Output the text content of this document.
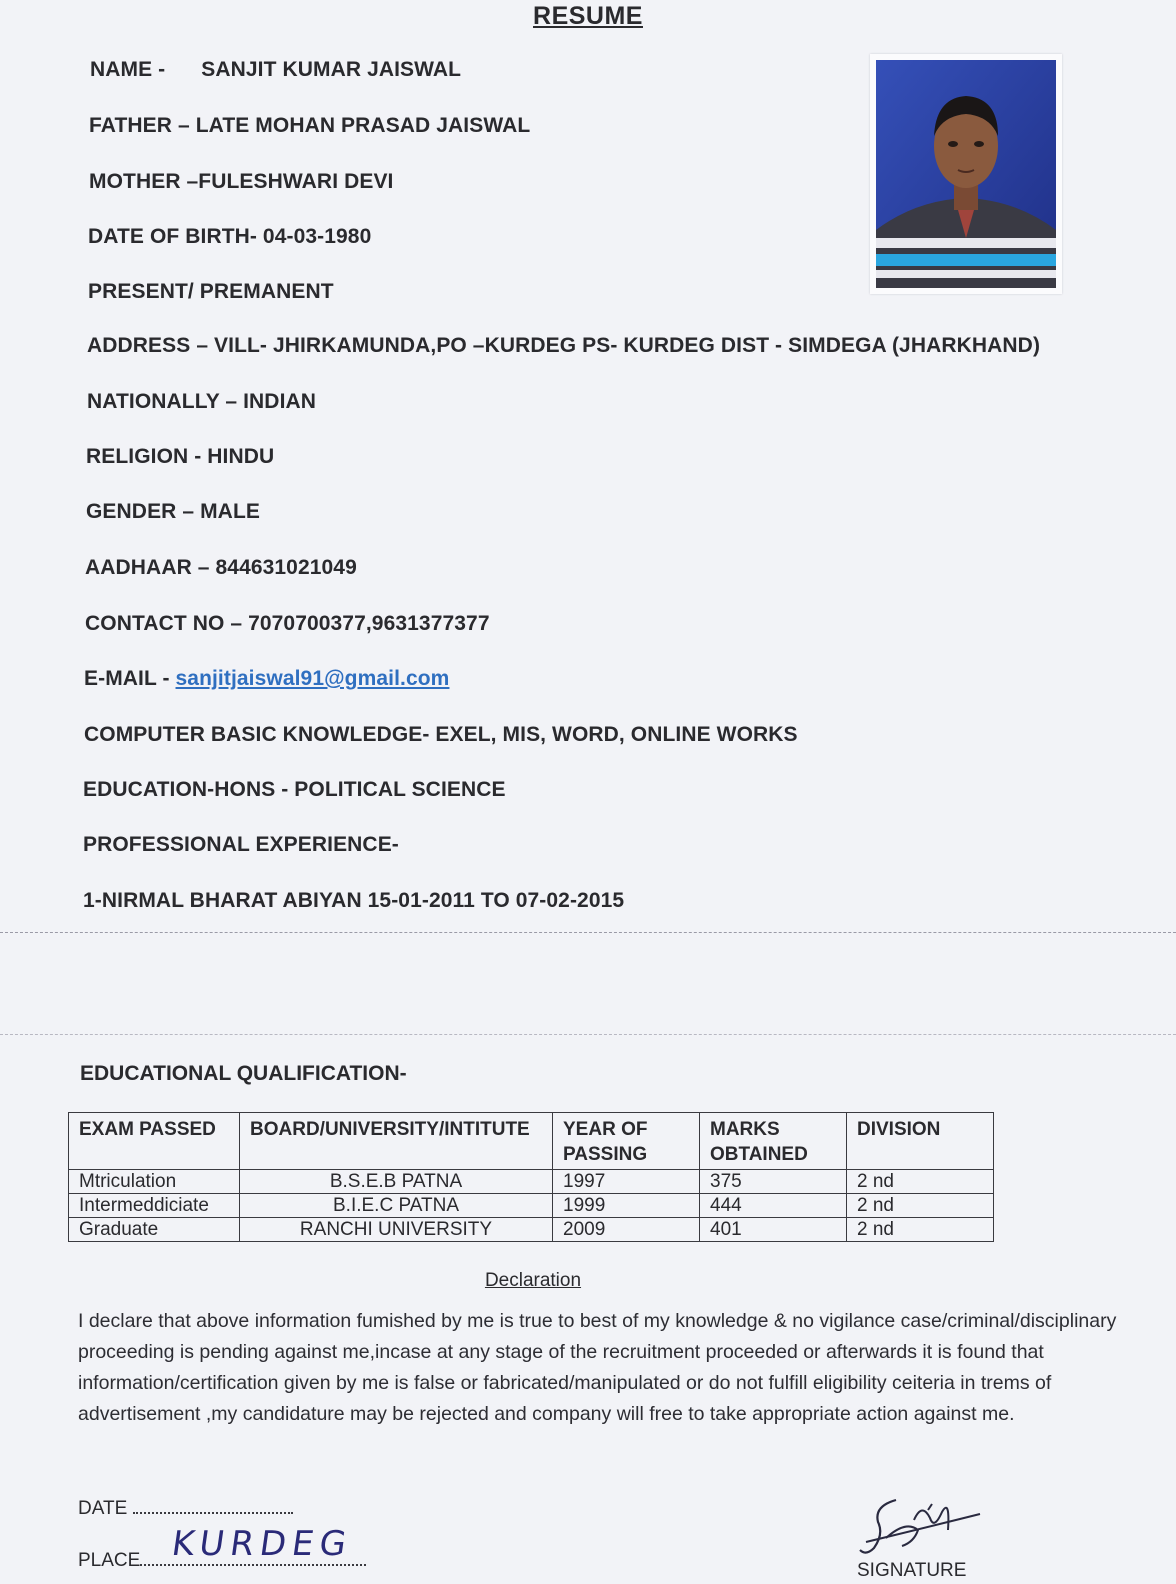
RESUME
NAME - SANJIT KUMAR JAISWAL
FATHER – LATE MOHAN PRASAD JAISWAL
MOTHER –FULESHWARI DEVI
DATE OF BIRTH- 04-03-1980
PRESENT/ PREMANENT
ADDRESS – VILL- JHIRKAMUNDA,PO –KURDEG PS- KURDEG DIST - SIMDEGA (JHARKHAND)
NATIONALLY – INDIAN
RELIGION - HINDU
GENDER – MALE
AADHAAR – 844631021049
CONTACT NO – 7070700377,9631377377
E-MAIL - sanjitjaiswal91@gmail.com
COMPUTER BASIC KNOWLEDGE- EXEL, MIS, WORD, ONLINE WORKS
EDUCATION-HONS - POLITICAL SCIENCE
PROFESSIONAL EXPERIENCE-
1-NIRMAL BHARAT ABIYAN 15-01-2011 TO 07-02-2015
EDUCATIONAL QUALIFICATION-
EXAM PASSED	BOARD/UNIVERSITY/INTITUTE	YEAR OF PASSING	MARKS OBTAINED	DIVISION
Mtriculation	B.S.E.B PATNA	1997	375	2 nd
Intermeddiciate	B.I.E.C PATNA	1999	444	2 nd
Graduate	RANCHI UNIVERSITY	2009	401	2 nd
Declaration
I declare that above information fumished by me is true to best of my knowledge & no vigilance case/criminal/disciplinary proceeding is pending against me,incase at any stage of the recruitment proceeded or afterwards it is found that information/certification given by me is false or fabricated/manipulated or do not fulfill eligibility ceiteria in trems of advertisement ,my candidature may be rejected and company will free to take appropriate action against me.
DATE
PLACE KURDEG
SIGNATURE
